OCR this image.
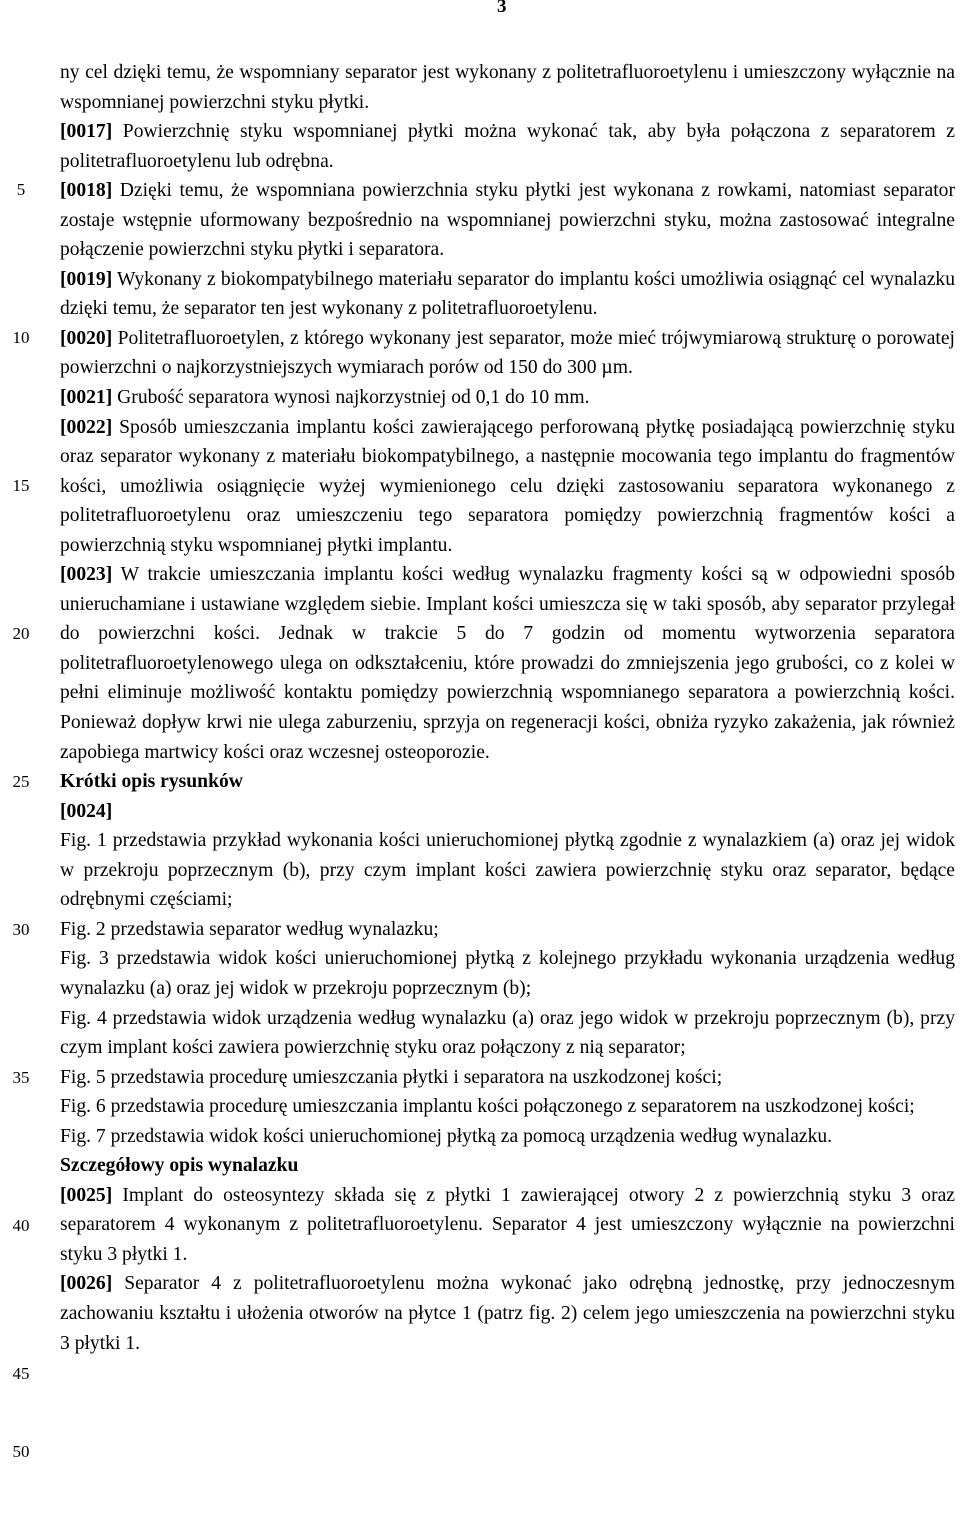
3
5
10
15
20
25
30
35
40
45
50

ny cel dzięki temu, że wspomniany separator jest wykonany z politetrafluoroetylenu i umieszczony wyłącznie na wspomnianej powierzchni styku płytki.

[0017] Powierzchnię styku wspomnianej płytki można wykonać tak, aby była połączona z separatorem z politetrafluoroetylenu lub odrębna.

[0018] Dzięki temu, że wspomniana powierzchnia styku płytki jest wykonana z rowkami, natomiast separator zostaje wstępnie uformowany bezpośrednio na wspomnianej powierzchni styku, można zastosować integralne połączenie powierzchni styku płytki i separatora.

[0019] Wykonany z biokompatybilnego materiału separator do implantu kości umożliwia osiągnąć cel wynalazku dzięki temu, że separator ten jest wykonany z politetrafluoroetylenu.

[0020] Politetrafluoroetylen, z którego wykonany jest separator, może mieć trójwymiarową strukturę o porowatej powierzchni o najkorzystniejszych wymiarach porów od 150 do 300 µm.

[0021] Grubość separatora wynosi najkorzystniej od 0,1 do 10 mm.

[0022] Sposób umieszczania implantu kości zawierającego perforowaną płytkę posiadającą powierzchnię styku oraz separator wykonany z materiału biokompatybilnego, a następnie mocowania tego implantu do fragmentów kości, umożliwia osiągnięcie wyżej wymienionego celu dzięki zastosowaniu separatora wykonanego z politetrafluoroetylenu oraz umieszczeniu tego separatora pomiędzy powierzchnią fragmentów kości a powierzchnią styku wspomnianej płytki implantu.

[0023] W trakcie umieszczania implantu kości według wynalazku fragmenty kości są w odpowiedni sposób unieruchamiane i ustawiane względem siebie. Implant kości umieszcza się w taki sposób, aby separator przylegał do powierzchni kości. Jednak w trakcie 5 do 7 godzin od momentu wytworzenia separatora politetrafluoroetylenowego ulega on odkształceniu, które prowadzi do zmniejszenia jego grubości, co z kolei w pełni eliminuje możliwość kontaktu pomiędzy powierzchnią wspomnianego separatora a powierzchnią kości. Ponieważ dopływ krwi nie ulega zaburzeniu, sprzyja on regeneracji kości, obniża ryzyko zakażenia, jak również zapobiega martwicy kości oraz wczesnej osteoporozie.

Krótki opis rysunków

[0024]

Fig. 1 przedstawia przykład wykonania kości unieruchomionej płytką zgodnie z wynalazkiem (a) oraz jej widok w przekroju poprzecznym (b), przy czym implant kości zawiera powierzchnię styku oraz separator, będące odrębnymi częściami;

Fig. 2 przedstawia separator według wynalazku;

Fig. 3 przedstawia widok kości unieruchomionej płytką z kolejnego przykładu wykonania urządzenia według wynalazku (a) oraz jej widok w przekroju poprzecznym (b);

Fig. 4 przedstawia widok urządzenia według wynalazku (a) oraz jego widok w przekroju poprzecznym (b), przy czym implant kości zawiera powierzchnię styku oraz połączony z nią separator;

Fig. 5 przedstawia procedurę umieszczania płytki i separatora na uszkodzonej kości;

Fig. 6 przedstawia procedurę umieszczania implantu kości połączonego z separatorem na uszkodzonej kości;

Fig. 7 przedstawia widok kości unieruchomionej płytką za pomocą urządzenia według wynalazku.

Szczegółowy opis wynalazku

[0025] Implant do osteosyntezy składa się z płytki 1 zawierającej otwory 2 z powierzchnią styku 3 oraz separatorem 4 wykonanym z politetrafluoroetylenu. Separator 4 jest umieszczony wyłącznie na powierzchni styku 3 płytki 1.

[0026] Separator 4 z politetrafluoroetylenu można wykonać jako odrębną jednostkę, przy jednoczesnym zachowaniu kształtu i ułożenia otworów na płytce 1 (patrz fig. 2) celem jego umieszczenia na powierzchni styku 3 płytki 1.
